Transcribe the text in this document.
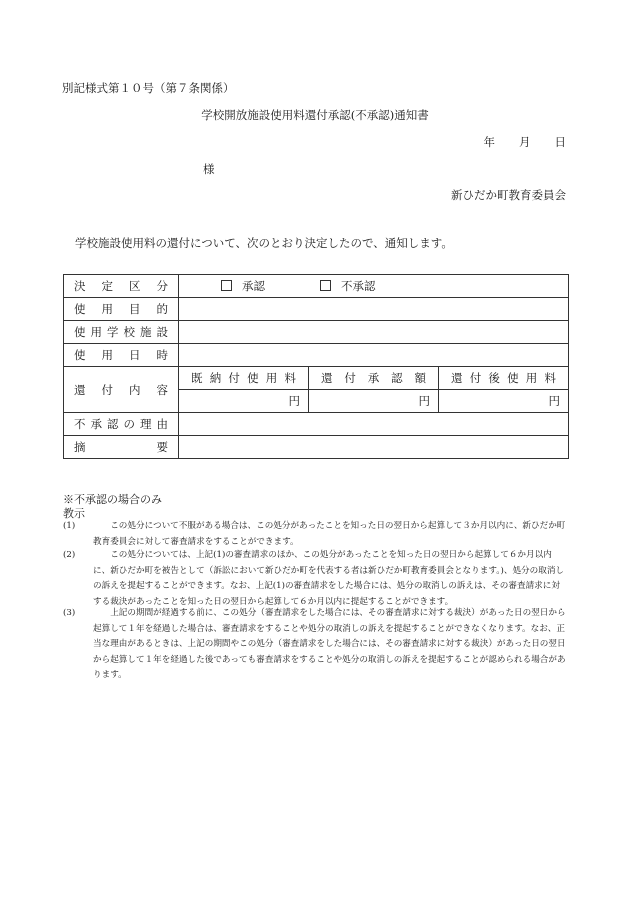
別記様式第１０号（第７条関係）
学校開放施設使用料還付承認(不承認)通知書
年 月 日
様
新ひだか町教育委員会
学校施設使用料の還付について、次のとおり決定したので、通知します。
決定区分	承認 不承認		
使用目的			
使用学校施設			
使用日時			
還付内容	既納付使用料	還付承認額	還付後使用料
	円	円	円
不承認の理由			
摘要			
※不承認の場合のみ
教示
(1)	この処分について不服がある場合は、この処分があったことを知った日の翌日から起算して３か月以内に、新ひだか町教育委員会に対して審査請求をすることができます。
(2)	この処分については、上記(1)の審査請求のほか、この処分があったことを知った日の翌日から起算して６か月以内に、新ひだか町を被告として（訴訟において新ひだか町を代表する者は新ひだか町教育委員会となります。)、処分の取消しの訴えを提起することができます。なお、上記(1)の審査請求をした場合には、処分の取消しの訴えは、その審査請求に対する裁決があったことを知った日の翌日から起算して６か月以内に提起することができます。
(3)	上記の期間が経過する前に、この処分（審査請求をした場合には、その審査請求に対する裁決）があった日の翌日から起算して１年を経過した場合は、審査請求をすることや処分の取消しの訴えを提起することができなくなります。なお、正当な理由があるときは、上記の期間やこの処分（審査請求をした場合には、その審査請求に対する裁決）があった日の翌日から起算して１年を経過した後であっても審査請求をすることや処分の取消しの訴えを提起することが認められる場合があります。
